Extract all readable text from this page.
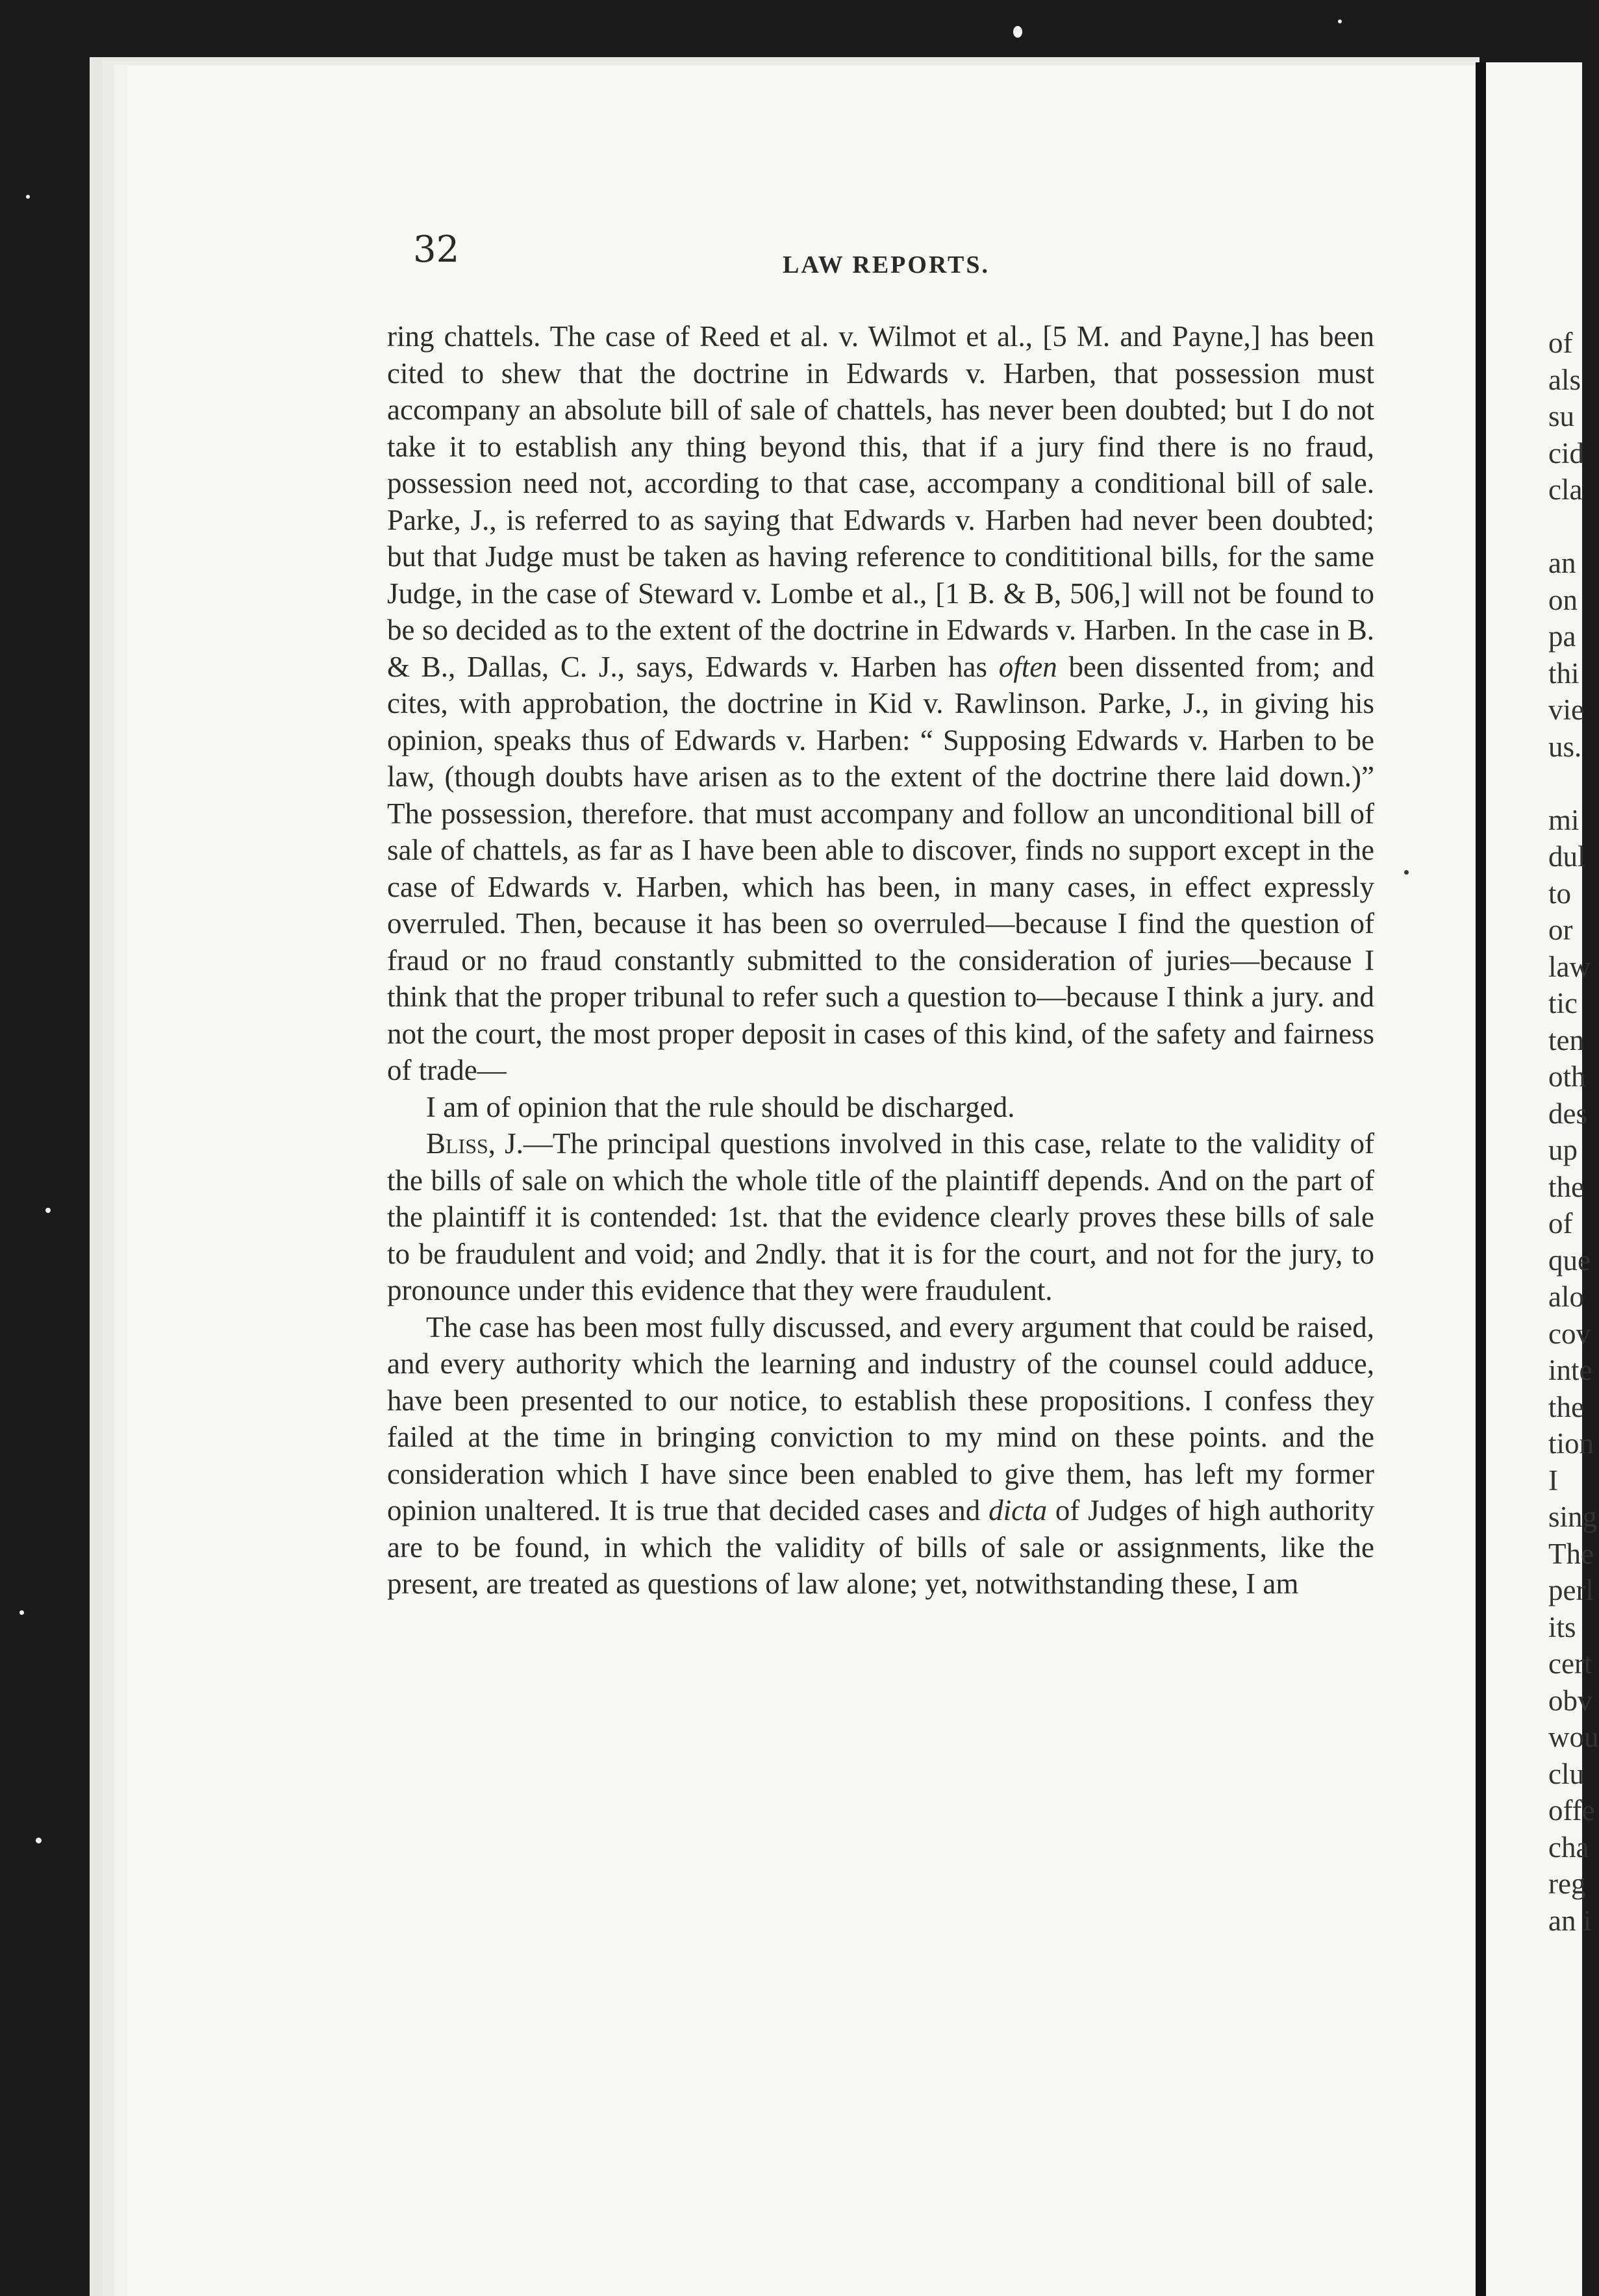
32	LAW REPORTS.

ring chattels. The case of Reed et al. v. Wilmot et al., [5 M. and Payne,] has been cited to shew that the doctrine in Edwards v. Harben, that possession must accompany an absolute bill of sale of chattels, has never been doubted; but I do not take it to establish any thing beyond this, that if a jury find there is no fraud, possession need not, according to that case, accompany a conditional bill of sale. Parke, J., is referred to as saying that Edwards v. Harben had never been doubted; but that Judge must be taken as having reference to condititional bills, for the same Judge, in the case of Steward v. Lombe et al., [1 B. & B, 506,] will not be found to be so decided as to the extent of the doctrine in Edwards v. Harben. In the case in B. & B., Dallas, C. J., says, Edwards v. Harben has often been dissented from; and cites, with approbation, the doctrine in Kid v. Rawlinson. Parke, J., in giving his opinion, speaks thus of Edwards v. Harben: “ Supposing Edwards v. Harben to be law, (though doubts have arisen as to the extent of the doctrine there laid down.)” The possession, therefore. that must accompany and follow an unconditional bill of sale of chattels, as far as I have been able to discover, finds no support except in the case of Edwards v. Harben, which has been, in many cases, in effect expressly overruled. Then, because it has been so overruled—because I find the question of fraud or no fraud constantly submitted to the consideration of juries—because I think that the proper tribunal to refer such a question to—because I think a jury. and not the court, the most proper deposit in cases of this kind, of the safety and fairness of trade—

I am of opinion that the rule should be discharged.

Bliss, J.—The principal questions involved in this case, relate to the validity of the bills of sale on which the whole title of the plaintiff depends. And on the part of the plaintiff it is contended: 1st. that the evidence clearly proves these bills of sale to be fraudulent and void; and 2ndly. that it is for the court, and not for the jury, to pronounce under this evidence that they were fraudulent.

The case has been most fully discussed, and every argument that could be raised, and every authority which the learning and industry of the counsel could adduce, have been presented to our notice, to establish these propositions. I confess they failed at the time in bringing conviction to my mind on these points. and the consideration which I have since been enabled to give them, has left my former opinion unaltered. It is true that decided cases and dicta of Judges of high authority are to be found, in which the validity of bills of sale or assignments, like the present, are treated as questions of law alone; yet, notwithstanding these, I am

of
als
su
cid
cla
an
on
pa
thi
vie
us.
mi
dul
to
or
law
tic
ten
oth
des
up
the
of
que
alo
cov
inte
the
tion
I
sing
The
perl
its
cert
obv
wou
clu
offe
cha
reg
an i
